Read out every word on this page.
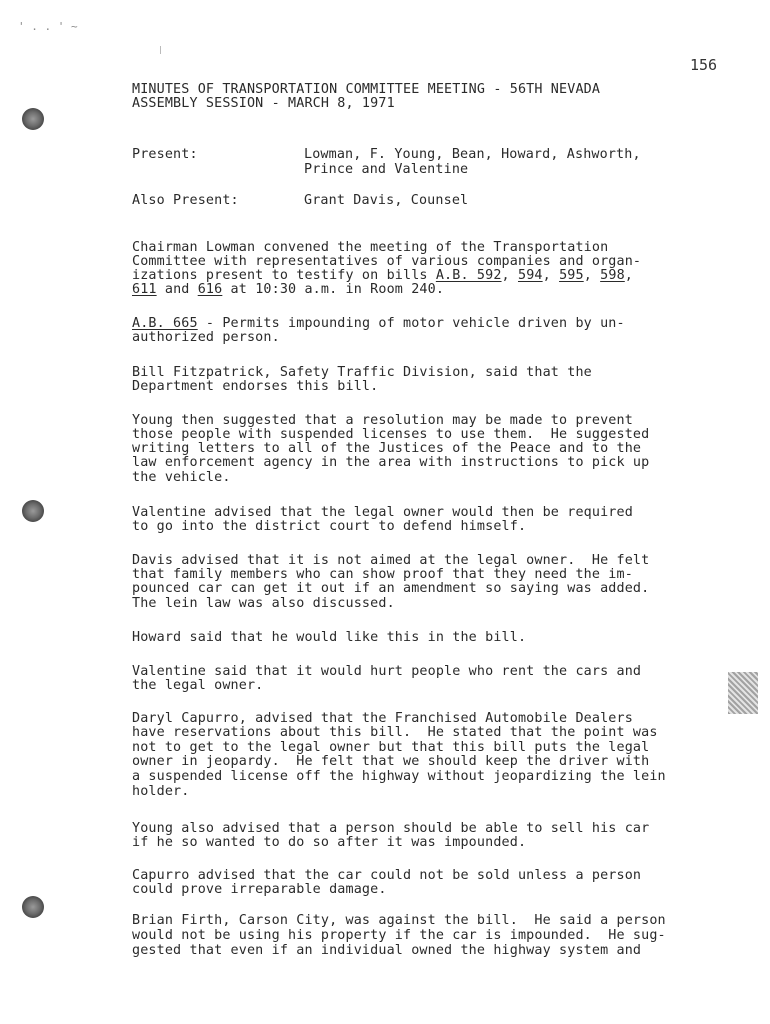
' . . ' ~
156
MINUTES OF TRANSPORTATION COMMITTEE MEETING - 56TH NEVADA
ASSEMBLY SESSION - MARCH 8, 1971
Present:	Lowman, F. Young, Bean, Howard, Ashworth,
Prince and Valentine
Also Present:	Grant Davis, Counsel
Chairman Lowman convened the meeting of the Transportation
Committee with representatives of various companies and organ-
izations present to testify on bills A.B. 592, 594, 595, 598,
611 and 616 at 10:30 a.m. in Room 240.
A.B. 665 - Permits impounding of motor vehicle driven by un-
authorized person.
Bill Fitzpatrick, Safety Traffic Division, said that the
Department endorses this bill.
Young then suggested that a resolution may be made to prevent
those people with suspended licenses to use them.  He suggested
writing letters to all of the Justices of the Peace and to the
law enforcement agency in the area with instructions to pick up
the vehicle.
Valentine advised that the legal owner would then be required
to go into the district court to defend himself.
Davis advised that it is not aimed at the legal owner.  He felt
that family members who can show proof that they need the im-
pounced car can get it out if an amendment so saying was added.
The lein law was also discussed.
Howard said that he would like this in the bill.
Valentine said that it would hurt people who rent the cars and
the legal owner.
Daryl Capurro, advised that the Franchised Automobile Dealers
have reservations about this bill.  He stated that the point was
not to get to the legal owner but that this bill puts the legal
owner in jeopardy.  He felt that we should keep the driver with
a suspended license off the highway without jeopardizing the lein
holder.
Young also advised that a person should be able to sell his car
if he so wanted to do so after it was impounded.
Capurro advised that the car could not be sold unless a person
could prove irreparable damage.
Brian Firth, Carson City, was against the bill.  He said a person
would not be using his property if the car is impounded.  He sug-
gested that even if an individual owned the highway system and
